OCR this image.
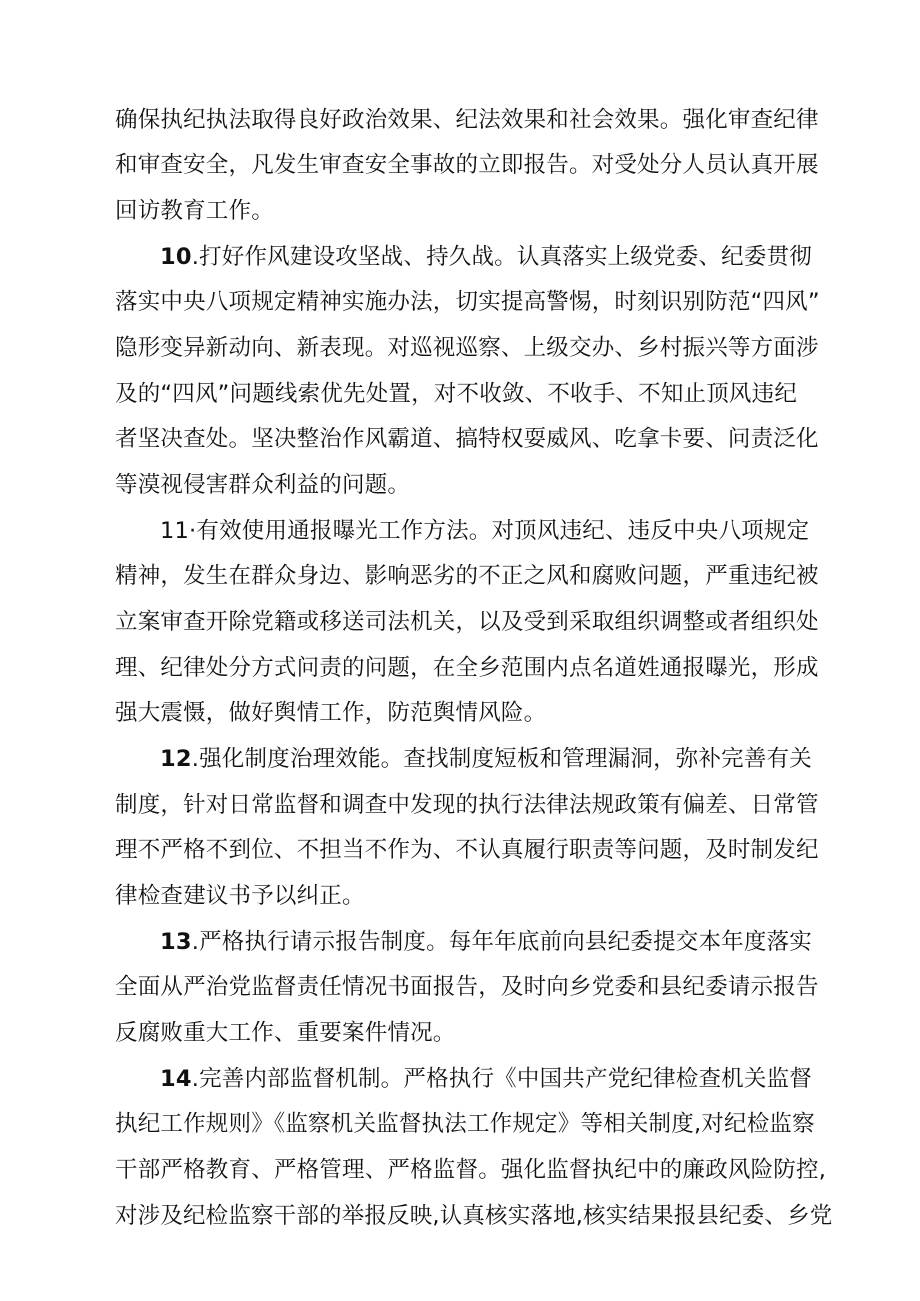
确保执纪执法取得良好政治效果、纪法效果和社会效果。强化审查纪律
和审查安全，凡发生审查安全事故的立即报告。对受处分人员认真开展
回访教育工作。
10.打好作风建设攻坚战、持久战。认真落实上级党委、纪委贯彻
落实中央八项规定精神实施办法，切实提高警惕，时刻识别防范“四风”
隐形变异新动向、新表现。对巡视巡察、上级交办、乡村振兴等方面涉
及的“四风”问题线索优先处置，对不收敛、不收手、不知止顶风违纪
者坚决查处。坚决整治作风霸道、搞特权耍威风、吃拿卡要、问责泛化
等漠视侵害群众利益的问题。
11·有效使用通报曝光工作方法。对顶风违纪、违反中央八项规定
精神，发生在群众身边、影响恶劣的不正之风和腐败问题，严重违纪被
立案审查开除党籍或移送司法机关，以及受到采取组织调整或者组织处
理、纪律处分方式问责的问题，在全乡范围内点名道姓通报曝光，形成
强大震慑，做好舆情工作，防范舆情风险。
12.强化制度治理效能。查找制度短板和管理漏洞，弥补完善有关
制度，针对日常监督和调查中发现的执行法律法规政策有偏差、日常管
理不严格不到位、不担当不作为、不认真履行职责等问题，及时制发纪
律检查建议书予以纠正。
13.严格执行请示报告制度。每年年底前向县纪委提交本年度落实
全面从严治党监督责任情况书面报告，及时向乡党委和县纪委请示报告
反腐败重大工作、重要案件情况。
14.完善内部监督机制。严格执行《中国共产党纪律检查机关监督
执纪工作规则》《监察机关监督执法工作规定》等相关制度,对纪检监察
干部严格教育、严格管理、严格监督。强化监督执纪中的廉政风险防控,
对涉及纪检监察干部的举报反映,认真核实落地,核实结果报县纪委、乡党
